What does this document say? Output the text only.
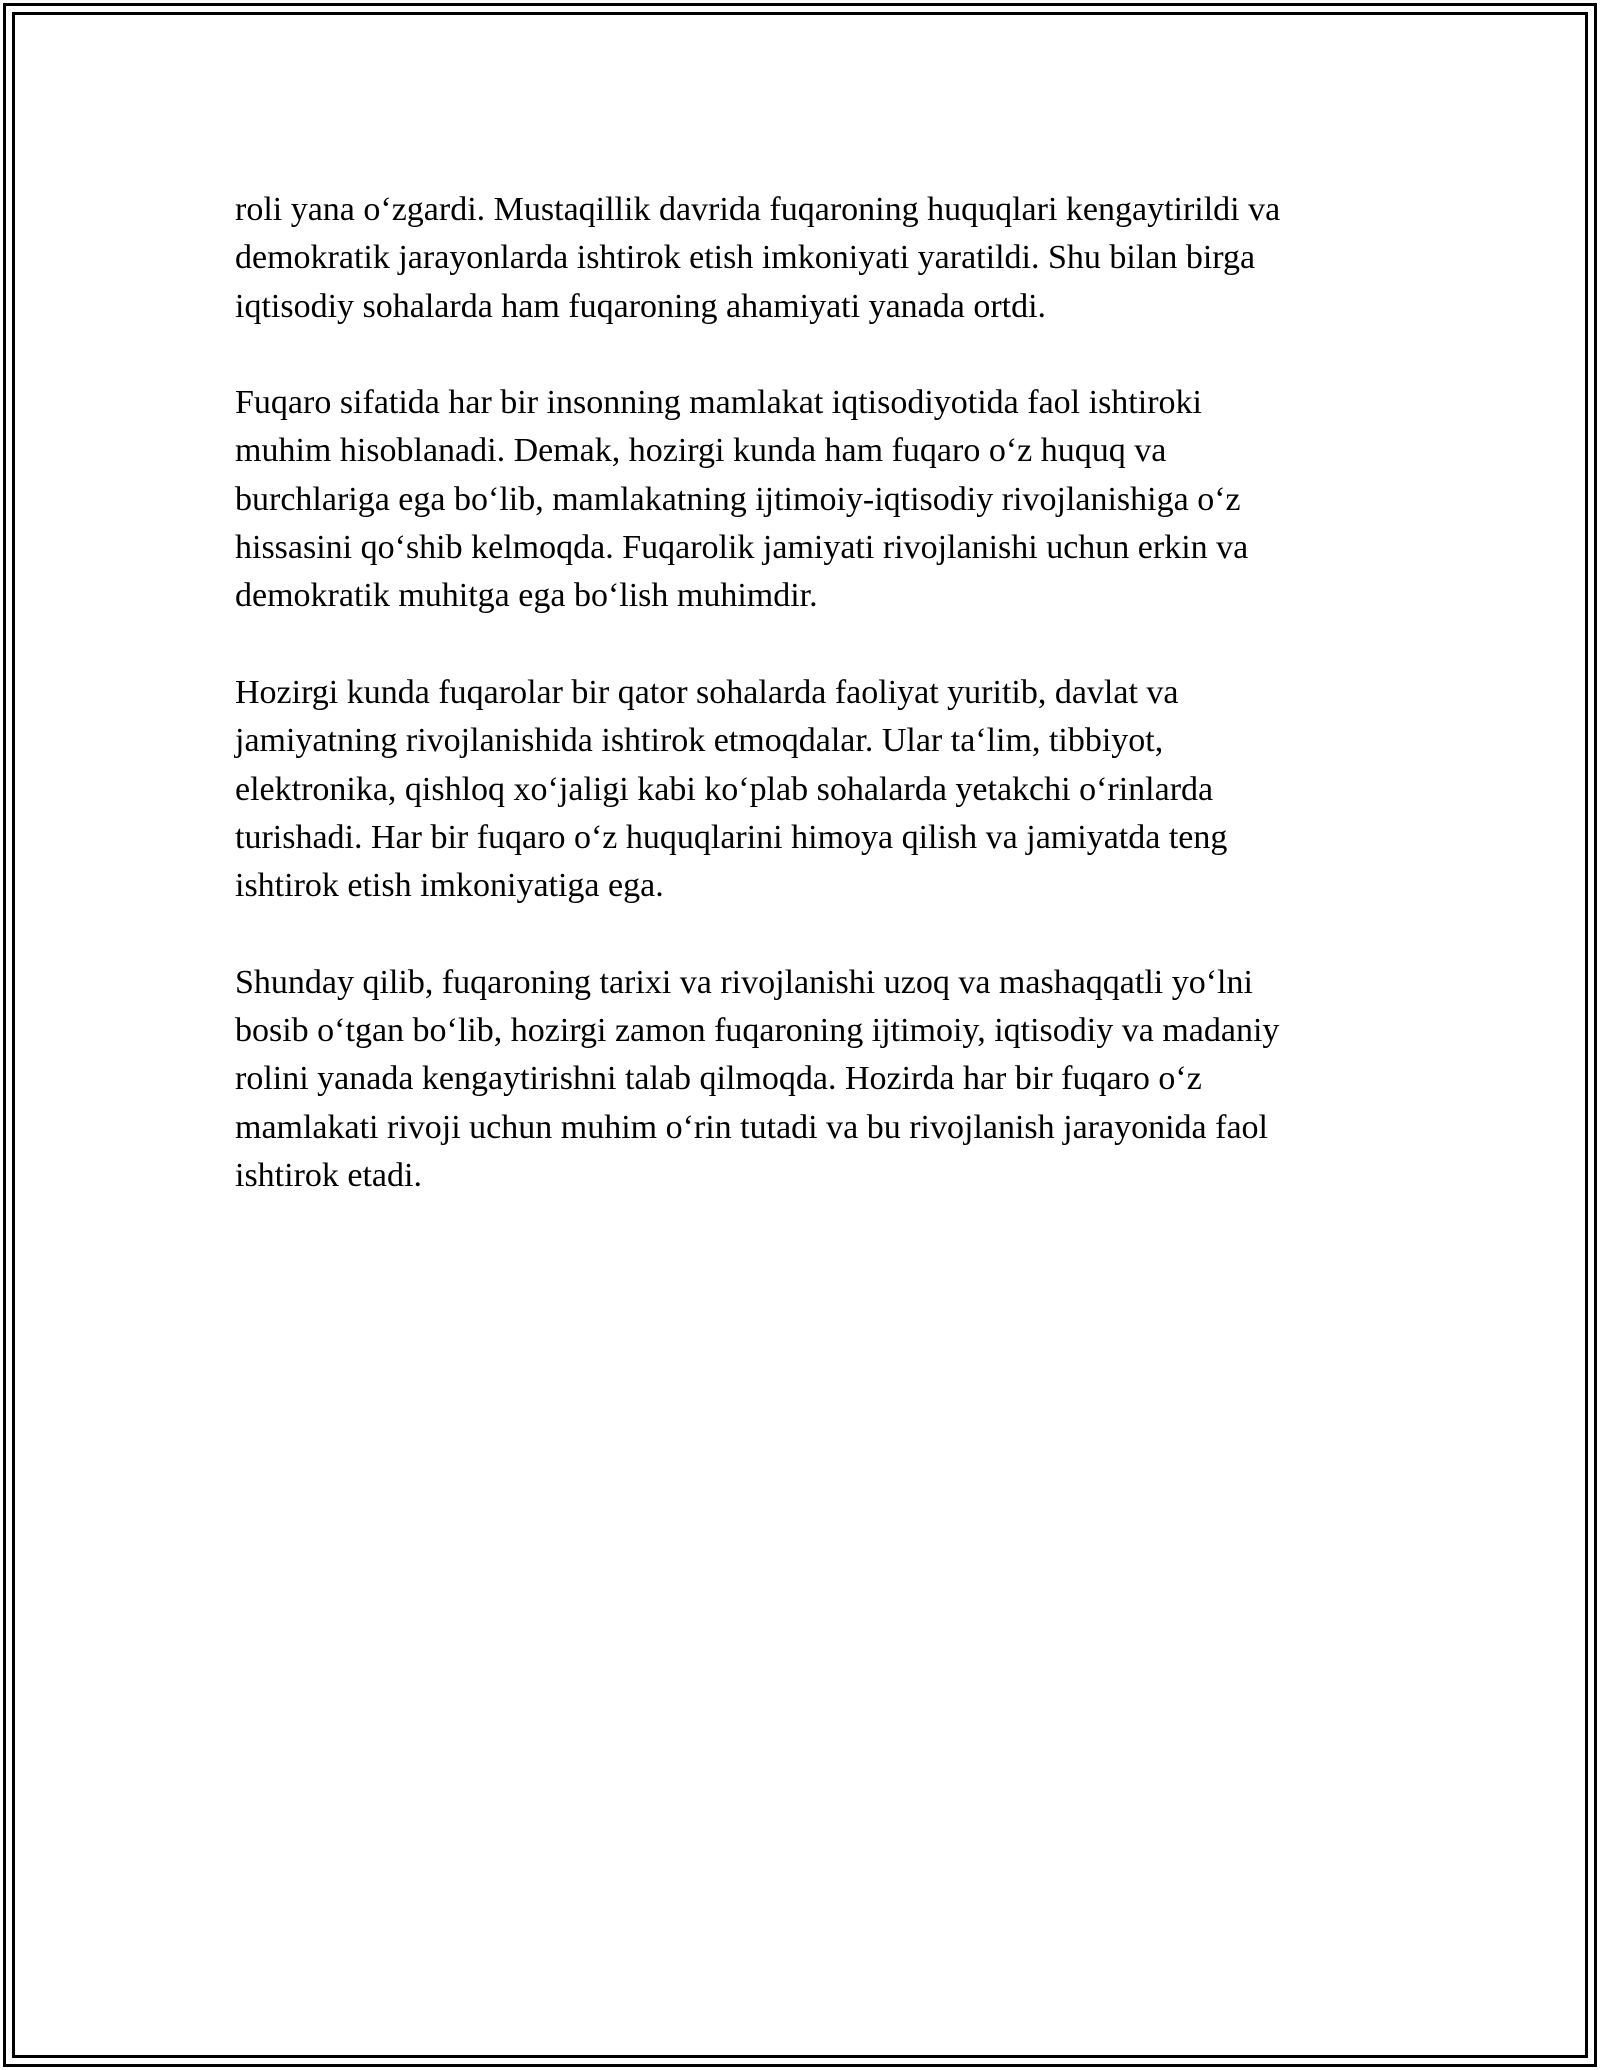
roli yana o‘zgardi. Mustaqillik davrida fuqaroning huquqlari kengaytirildi va
demokratik jarayonlarda ishtirok etish imkoniyati yaratildi. Shu bilan birga
iqtisodiy sohalarda ham fuqaroning ahamiyati yanada ortdi.

Fuqaro sifatida har bir insonning mamlakat iqtisodiyotida faol ishtiroki
muhim hisoblanadi. Demak, hozirgi kunda ham fuqaro o‘z huquq va
burchlariga ega bo‘lib, mamlakatning ijtimoiy-iqtisodiy rivojlanishiga o‘z
hissasini qo‘shib kelmoqda. Fuqarolik jamiyati rivojlanishi uchun erkin va
demokratik muhitga ega bo‘lish muhimdir.

Hozirgi kunda fuqarolar bir qator sohalarda faoliyat yuritib, davlat va
jamiyatning rivojlanishida ishtirok etmoqdalar. Ular ta‘lim, tibbiyot,
elektronika, qishloq xo‘jaligi kabi ko‘plab sohalarda yetakchi o‘rinlarda
turishadi. Har bir fuqaro o‘z huquqlarini himoya qilish va jamiyatda teng
ishtirok etish imkoniyatiga ega.

Shunday qilib, fuqaroning tarixi va rivojlanishi uzoq va mashaqqatli yo‘lni
bosib o‘tgan bo‘lib, hozirgi zamon fuqaroning ijtimoiy, iqtisodiy va madaniy
rolini yanada kengaytirishni talab qilmoqda. Hozirda har bir fuqaro o‘z
mamlakati rivoji uchun muhim o‘rin tutadi va bu rivojlanish jarayonida faol
ishtirok etadi.
